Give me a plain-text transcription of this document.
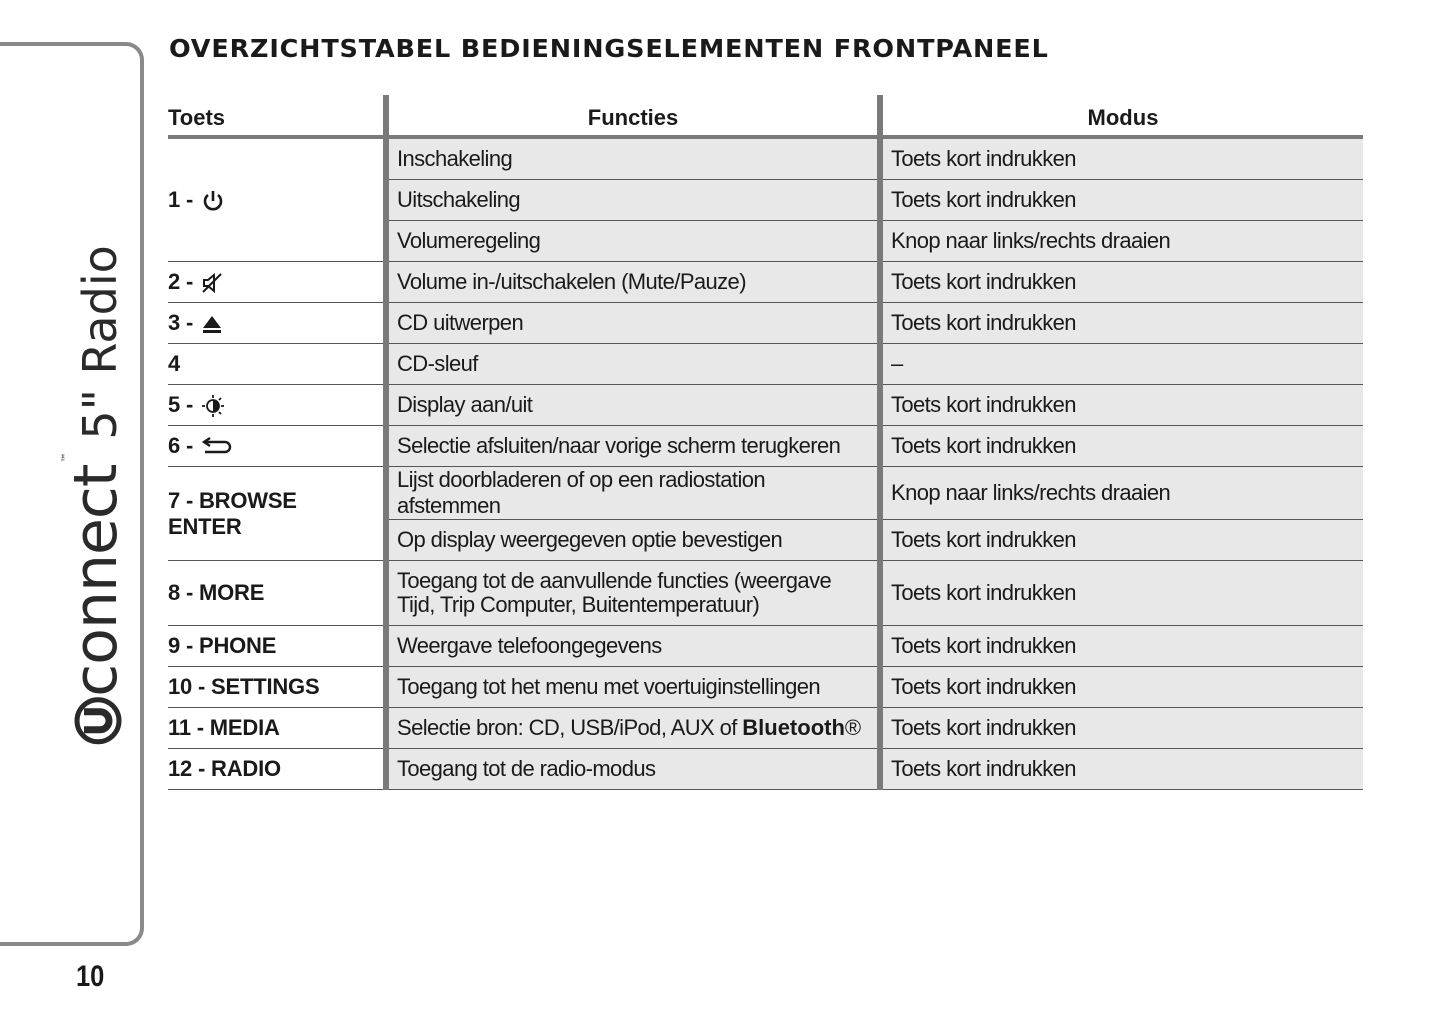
connect™
5" Radio
10
OVERZICHTSTABEL BEDIENINGSELEMENTEN FRONTPANEEL
Toets	Functies	Modus
1 -	Inschakeling	Toets kort indrukken
	Uitschakeling	Toets kort indrukken
	Volumeregeling	Knop naar links/rechts draaien
2 -	Volume in-/uitschakelen (Mute/Pauze)	Toets kort indrukken
3 -	CD uitwerpen	Toets kort indrukken
4	CD-sleuf	–
5 -	Display aan/uit	Toets kort indrukken
6 -	Selectie afsluiten/naar vorige scherm terugkeren	Toets kort indrukken
7 - BROWSE ENTER	Lijst doorbladeren of op een radiostation afstemmen	Knop naar links/rechts draaien
	Op display weergegeven optie bevestigen	Toets kort indrukken
8 - MORE	Toegang tot de aanvullende functies (weergave Tijd, Trip Computer, Buitentemperatuur)	Toets kort indrukken
9 - PHONE	Weergave telefoongegevens	Toets kort indrukken
10 - SETTINGS	Toegang tot het menu met voertuiginstellingen	Toets kort indrukken
11 - MEDIA	Selectie bron: CD, USB/iPod, AUX of Bluetooth®	Toets kort indrukken
12 - RADIO	Toegang tot de radio-modus	Toets kort indrukken
